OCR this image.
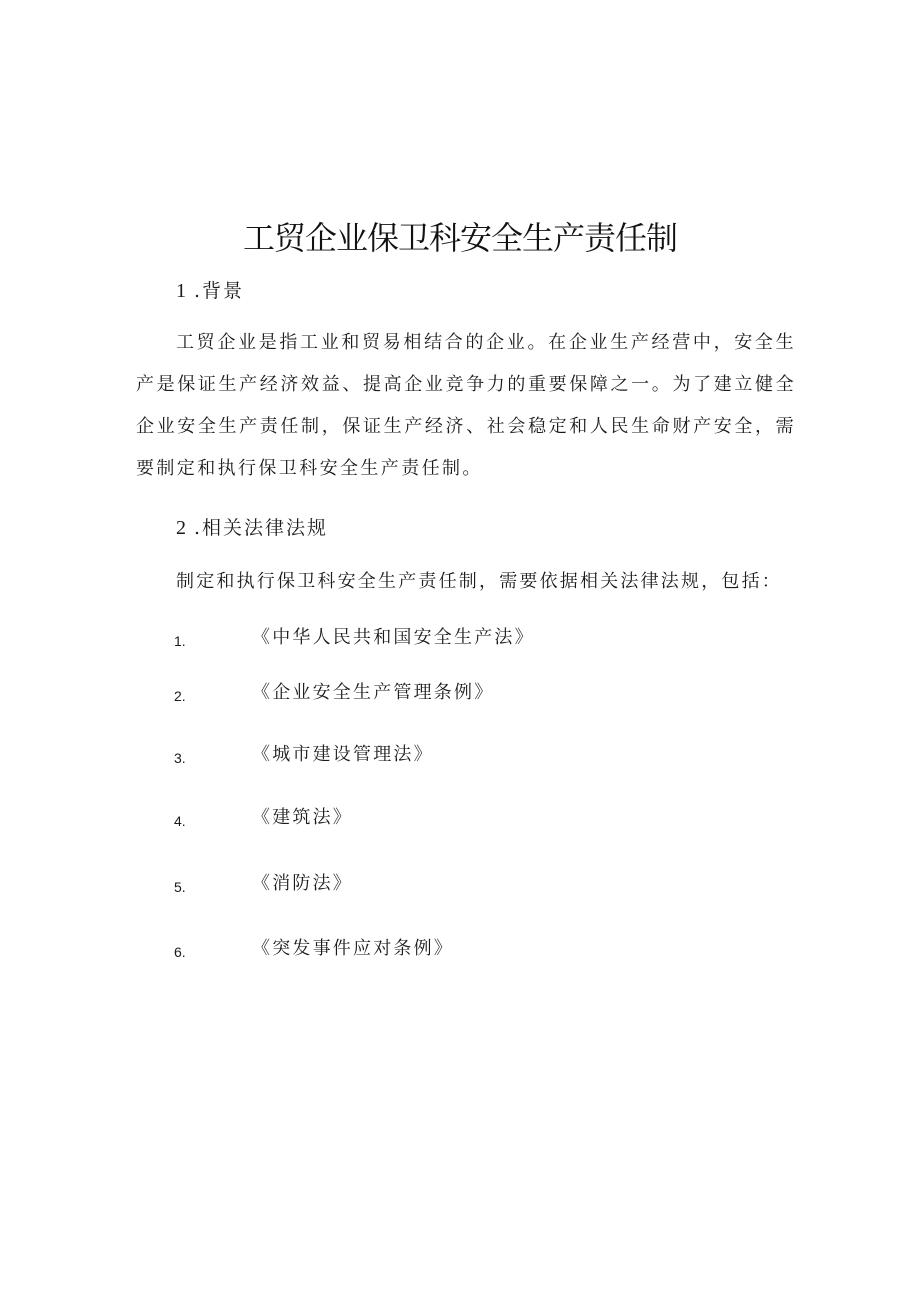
工贸企业保卫科安全生产责任制
1 .背景
工贸企业是指工业和贸易相结合的企业。在企业生产经营中，安全生产是保证生产经济效益、提高企业竞争力的重要保障之一。为了建立健全企业安全生产责任制，保证生产经济、社会稳定和人民生命财产安全，需要制定和执行保卫科安全生产责任制。
2 .相关法律法规
制定和执行保卫科安全生产责任制，需要依据相关法律法规，包括：
1.	《中华人民共和国安全生产法》
2.	《企业安全生产管理条例》
3.	《城市建设管理法》
4.	《建筑法》
5.	《消防法》
6.	《突发事件应对条例》
